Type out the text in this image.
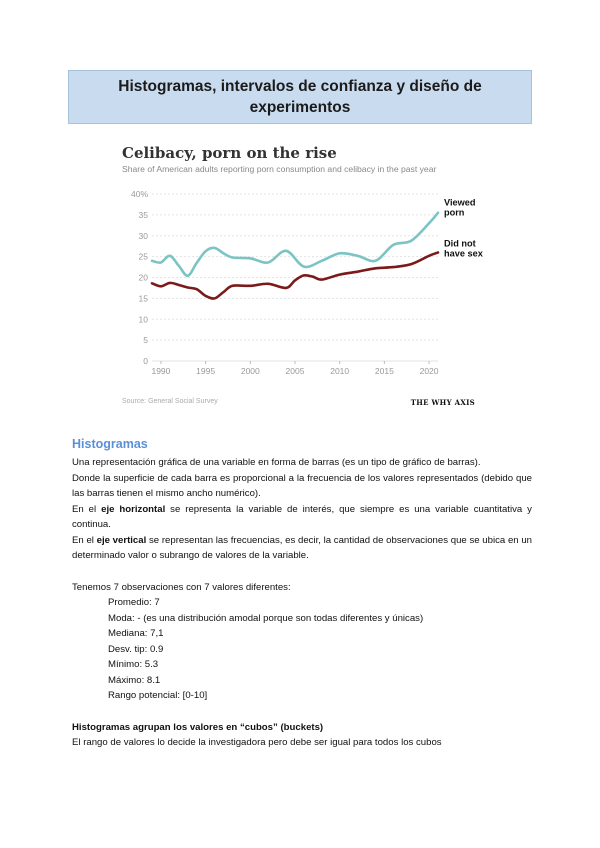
Histogramas, intervalos de confianza y diseño de experimentos
40%
35
30
25
20
15
10
5
0
1990	1995	2000	2005	2010	2015	2020
Viewed
porn
Did not
have sex
Celibacy, porn on the rise
Share of American adults reporting porn consumption and celibacy in the past year
Source: General Social Survey	THE WHY AXIS
Histogramas

Una representación gráfica de una variable en forma de barras (es un tipo de gráfico de barras).

Donde la superficie de cada barra es proporcional a la frecuencia de los valores representados (debido que las barras tienen el mismo ancho numérico).

En el eje horizontal se representa la variable de interés, que siempre es una variable cuantitativa y continua.

En el eje vertical se representan las frecuencias, es decir, la cantidad de observaciones que se ubica en un determinado valor o subrango de valores de la variable.

Tenemos 7 observaciones con 7 valores diferentes:

Promedio: 7

Moda: - (es una distribución amodal porque son todas diferentes y únicas)

Mediana: 7,1

Desv. tip: 0.9

Mínimo: 5.3

Máximo: 8.1

Rango potencial: [0-10]

Histogramas agrupan los valores en “cubos” (buckets)

El rango de valores lo decide la investigadora pero debe ser igual para todos los cubos
